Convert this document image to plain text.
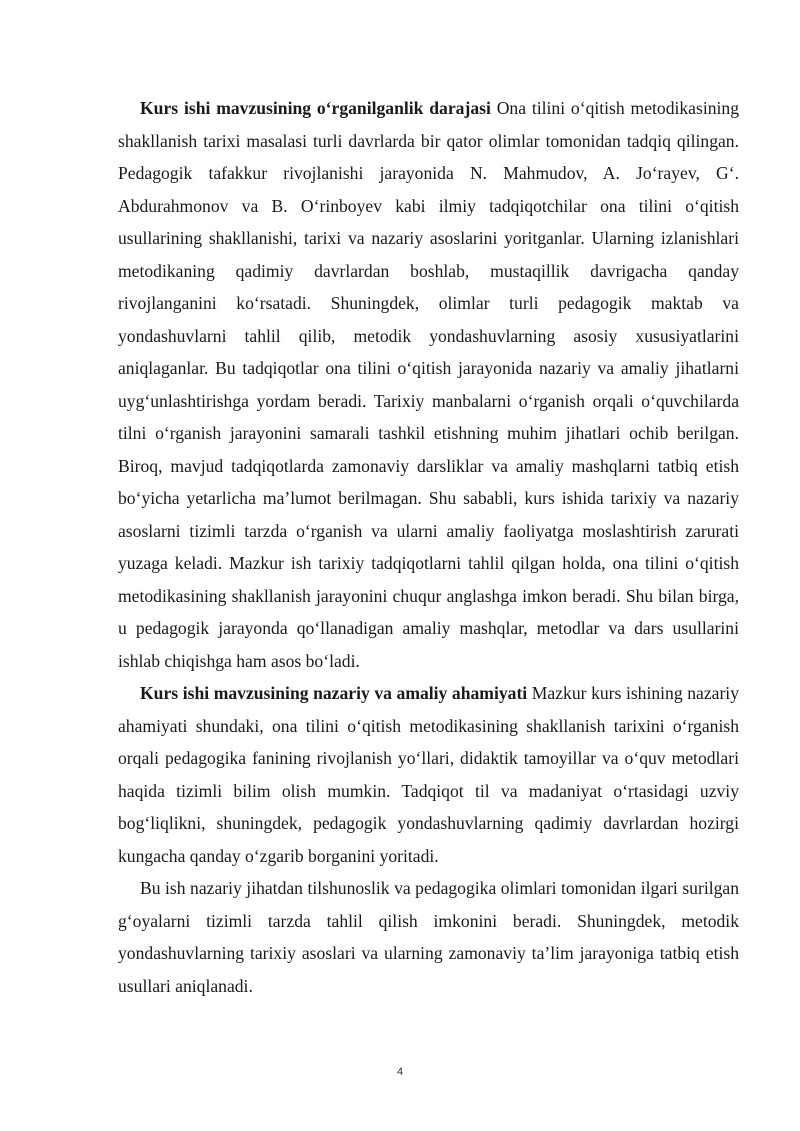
Kurs ishi mavzusining o‘rganilganlik darajasi Ona tilini o‘qitish metodikasining shakllanish tarixi masalasi turli davrlarda bir qator olimlar tomonidan tadqiq qilingan. Pedagogik tafakkur rivojlanishi jarayonida N. Mahmudov, A. Jo‘rayev, G‘. Abdurahmonov va B. O‘rinboyev kabi ilmiy tadqiqotchilar ona tilini o‘qitish usullarining shakllanishi, tarixi va nazariy asoslarini yoritganlar. Ularning izlanishlari metodikaning qadimiy davrlardan boshlab, mustaqillik davrigacha qanday rivojlanganini ko‘rsatadi. Shuningdek, olimlar turli pedagogik maktab va yondashuvlarni tahlil qilib, metodik yondashuvlarning asosiy xususiyatlarini aniqlaganlar. Bu tadqiqotlar ona tilini o‘qitish jarayonida nazariy va amaliy jihatlarni uyg‘unlashtirishga yordam beradi. Tarixiy manbalarni o‘rganish orqali o‘quvchilarda tilni o‘rganish jarayonini samarali tashkil etishning muhim jihatlari ochib berilgan. Biroq, mavjud tadqiqotlarda zamonaviy darsliklar va amaliy mashqlarni tatbiq etish bo‘yicha yetarlicha ma’lumot berilmagan. Shu sababli, kurs ishida tarixiy va nazariy asoslarni tizimli tarzda o‘rganish va ularni amaliy faoliyatga moslashtirish zarurati yuzaga keladi. Mazkur ish tarixiy tadqiqotlarni tahlil qilgan holda, ona tilini o‘qitish metodikasining shakllanish jarayonini chuqur anglashga imkon beradi. Shu bilan birga, u pedagogik jarayonda qo‘llanadigan amaliy mashqlar, metodlar va dars usullarini ishlab chiqishga ham asos bo‘ladi.

Kurs ishi mavzusining nazariy va amaliy ahamiyati Mazkur kurs ishining nazariy ahamiyati shundaki, ona tilini o‘qitish metodikasining shakllanish tarixini o‘rganish orqali pedagogika fanining rivojlanish yo‘llari, didaktik tamoyillar va o‘quv metodlari haqida tizimli bilim olish mumkin. Tadqiqot til va madaniyat o‘rtasidagi uzviy bog‘liqlikni, shuningdek, pedagogik yondashuvlarning qadimiy davrlardan hozirgi kungacha qanday o‘zgarib borganini yoritadi.

Bu ish nazariy jihatdan tilshunoslik va pedagogika olimlari tomonidan ilgari surilgan g‘oyalarni tizimli tarzda tahlil qilish imkonini beradi. Shuningdek, metodik yondashuvlarning tarixiy asoslari va ularning zamonaviy ta’lim jarayoniga tatbiq etish usullari aniqlanadi.

4
